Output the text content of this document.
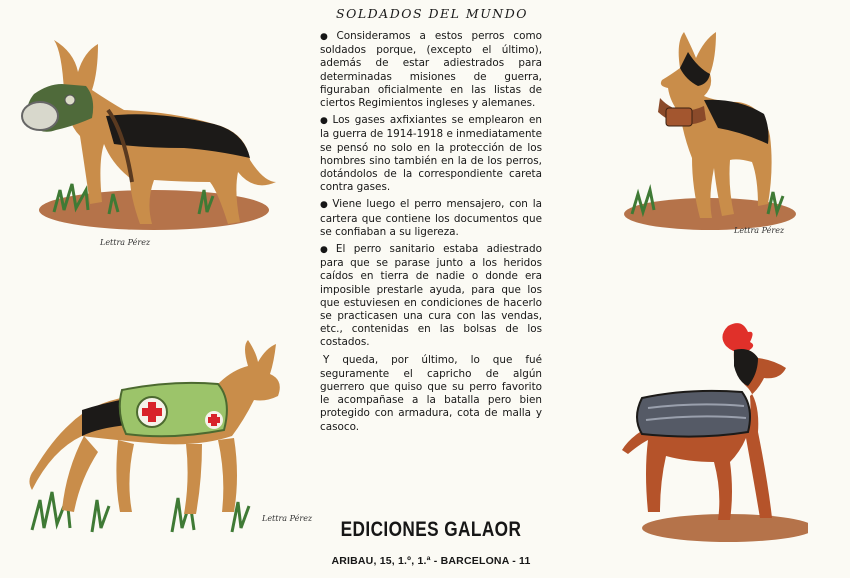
SOLDADOS DEL MUNDO

● Consideramos a estos perros como soldados porque, (excepto el último), además de estar adiestrados para determinadas misiones de guerra, figuraban oficialmente en las listas de ciertos Regimientos ingleses y alemanes.

● Los gases axfixiantes se emplearon en la guerra de 1914-1918 e inmediatamente se pensó no solo en la protección de los hombres sino también en la de los perros, dotándolos de la correspondiente careta contra gases.

● Viene luego el perro mensajero, con la cartera que contiene los documentos que se confiaban a su ligereza.

● El perro sanitario estaba adiestrado para que se parase junto a los heridos caídos en tierra de nadie o donde era imposible prestarle ayuda, para que los que estuviesen en condiciones de hacerlo se practicasen una cura con las vendas, etc., contenidas en las bolsas de los costados.

Y queda, por último, lo que fué seguramente el capricho de algún guerrero que quiso que su perro favorito le acompañase a la batalla pero bien protegido con armadura, cota de malla y casoco.

EDICIONES GALAOR
ARIBAU, 15, 1.º, 1.ª - BARCELONA - 11
Lettra Pérez
Lettra Pérez
Lettra Pérez
